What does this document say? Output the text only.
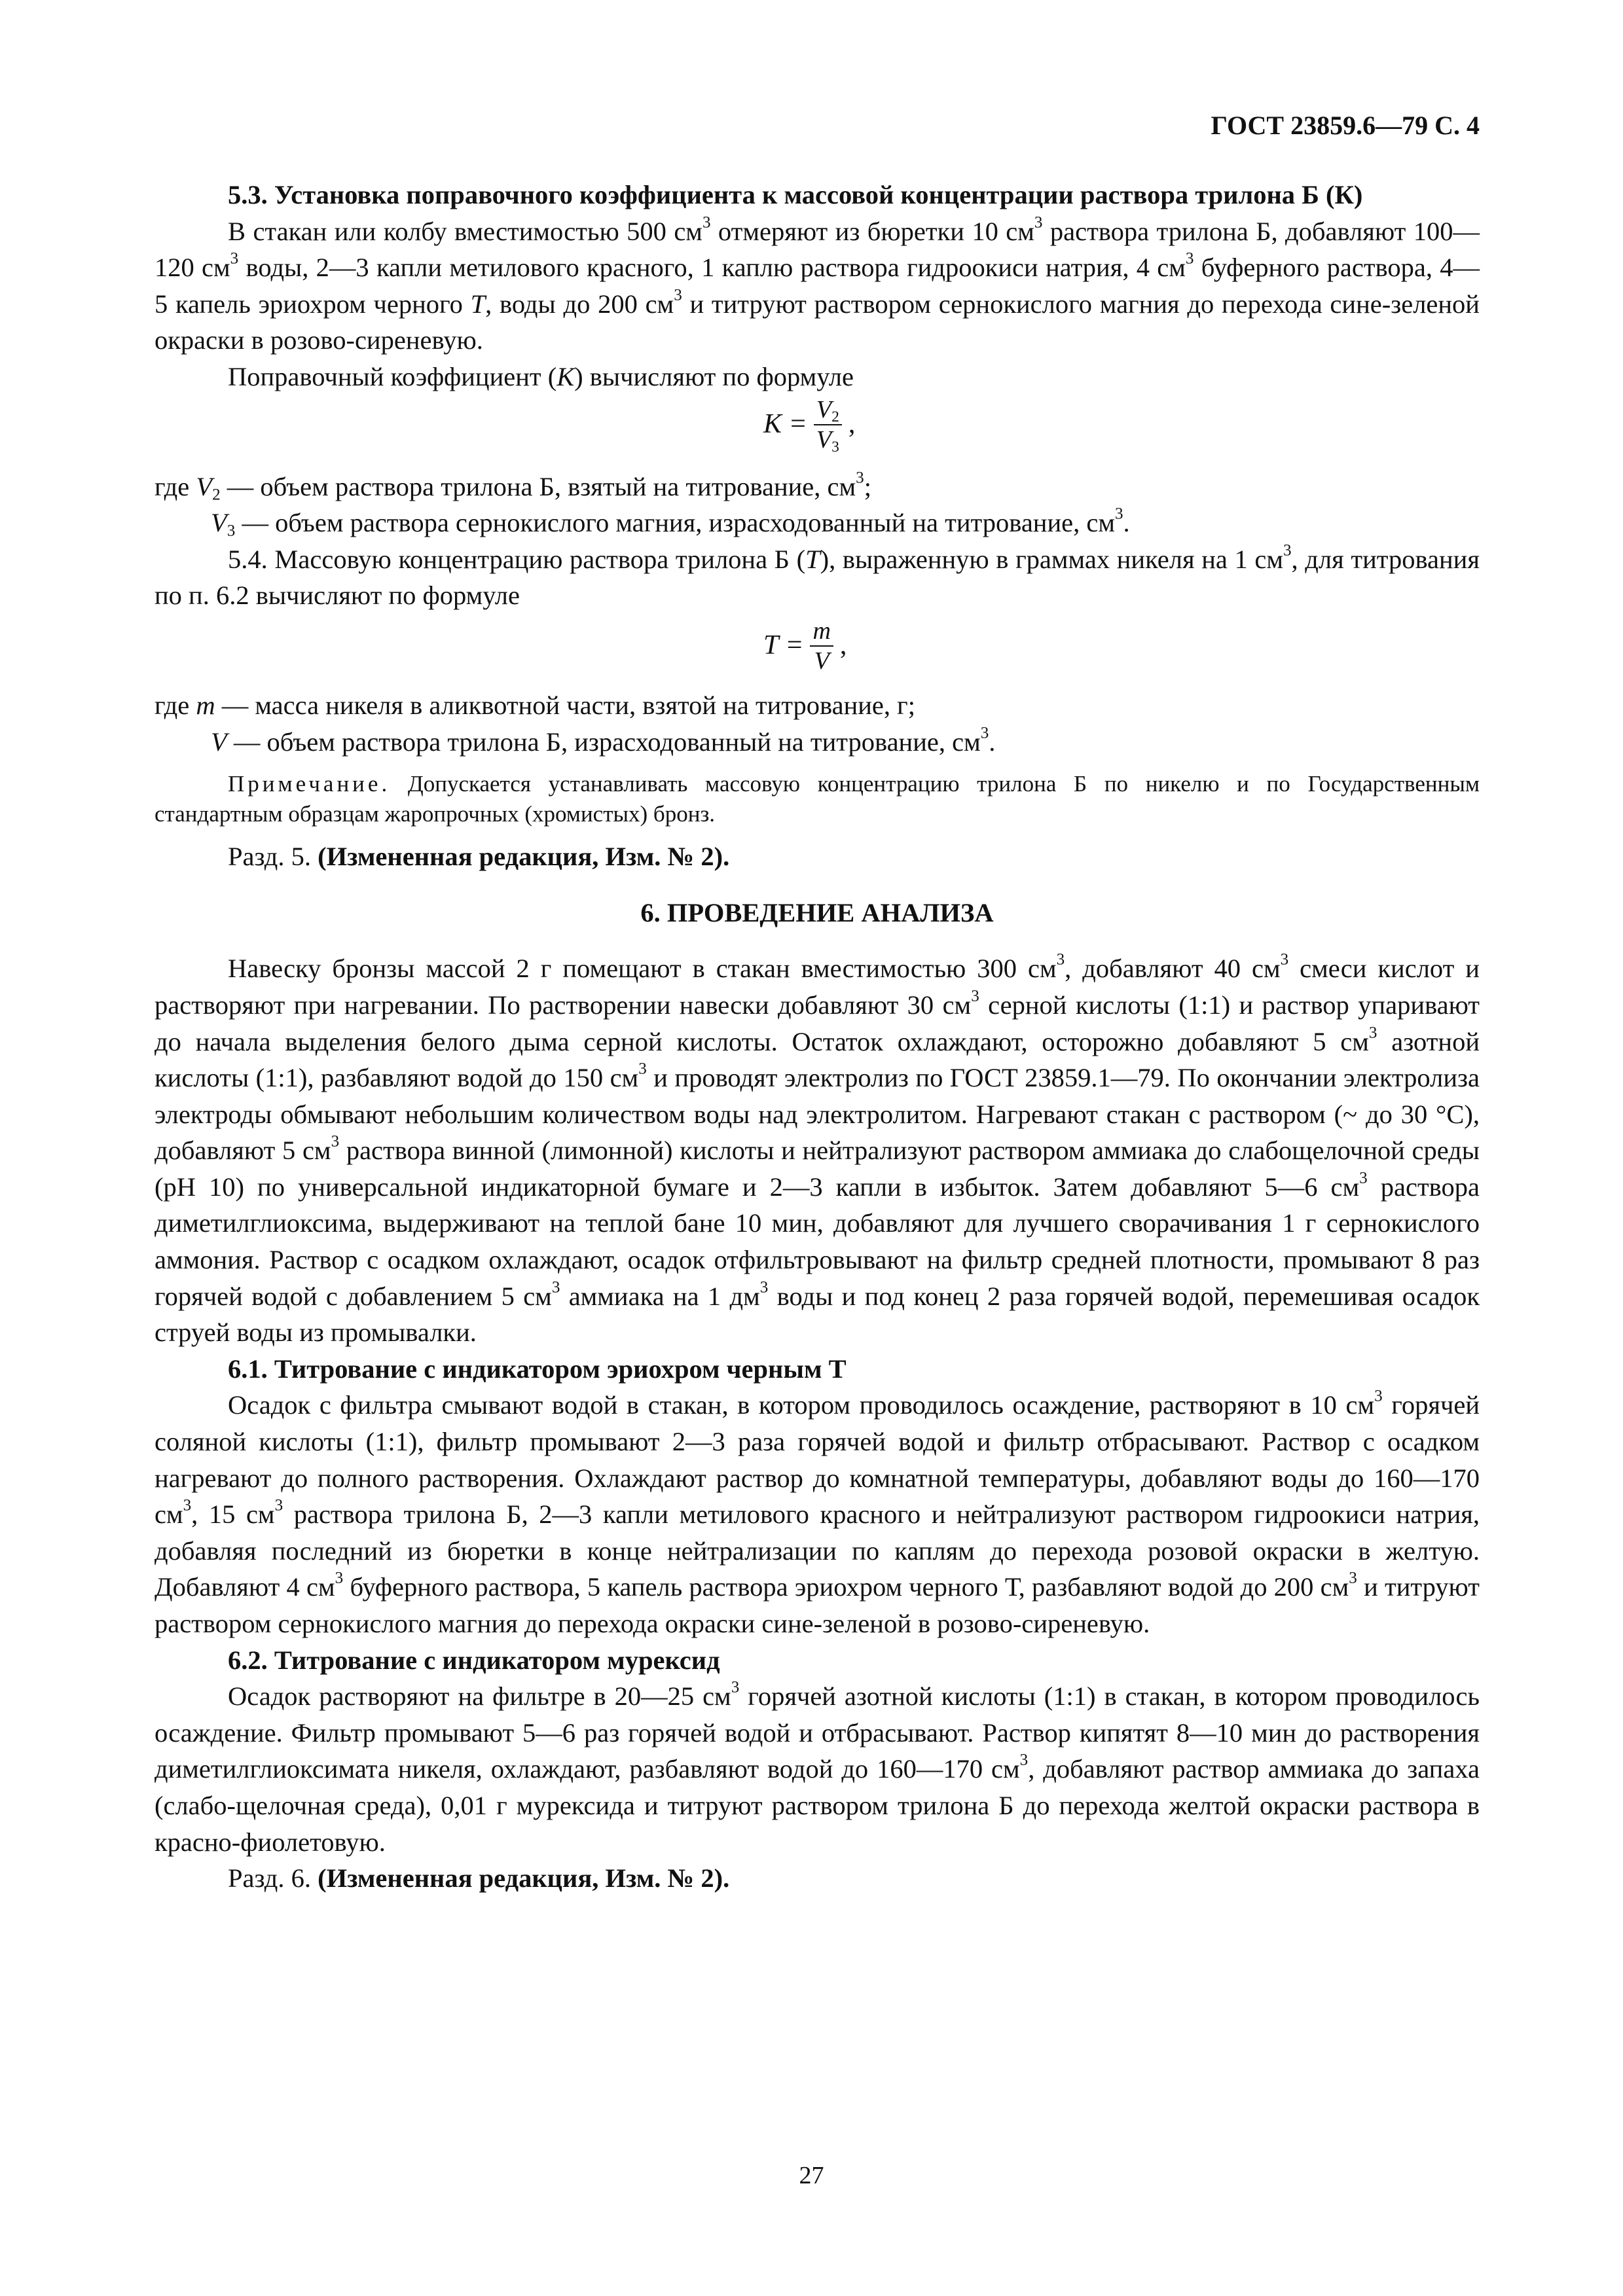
ГОСТ 23859.6—79 С. 4

5.3. Установка поправочного коэффициента к массовой концентрации раствора трилона Б (К)

В стакан или колбу вместимостью 500 $см^3$ отмеряют из бюретки 10 $см^3$ раствора трилона Б, добавляют 100—120 $см^3$ воды, 2—3 капли метилового красного, 1 каплю раствора гидроокиси натрия, 4 $см^3$ буферного раствора, 4—5 капель эриохром черного Т, воды до 200 $см^3$ и титруют раствором сернокислого магния до перехода сине-зеленой окраски в розово-сиреневую.

Поправочный коэффициент (К) вычисляют по формуле

$K = \frac{V_2}{V_3}$ ,

где $V_2$ — объем раствора трилона Б, взятый на титрование, $см^3$;

$V_3$ — объем раствора сернокислого магния, израсходованный на титрование, $см^3$.

5.4. Массовую концентрацию раствора трилона Б (Т), выраженную в граммах никеля на 1 $см^3$, для титрования по п. 6.2 вычисляют по формуле

$T = \frac{m}{V}$ ,

где m — масса никеля в аликвотной части, взятой на титрование, г;

V — объем раствора трилона Б, израсходованный на титрование, $см^3$.

Примечание. Допускается устанавливать массовую концентрацию трилона Б по никелю и по Государственным стандартным образцам жаропрочных (хромистых) бронз.

Разд. 5. (Измененная редакция, Изм. № 2).

6. ПРОВЕДЕНИЕ АНАЛИЗА

Навеску бронзы массой 2 г помещают в стакан вместимостью 300 $см^3$, добавляют 40 $см^3$ смеси кислот и растворяют при нагревании. По растворении навески добавляют 30 $см^3$ серной кислоты (1:1) и раствор упаривают до начала выделения белого дыма серной кислоты. Остаток охлаждают, осторожно добавляют 5 $см^3$ азотной кислоты (1:1), разбавляют водой до 150 $см^3$ и проводят электролиз по ГОСТ 23859.1—79. По окончании электролиза электроды обмывают небольшим количеством воды над электролитом. Нагревают стакан с раствором (~ до 30 °С), добавляют 5 $см^3$ раствора винной (лимонной) кислоты и нейтрализуют раствором аммиака до слабощелочной среды (рН 10) по универсальной индикаторной бумаге и 2—3 капли в избыток. Затем добавляют 5—6 $см^3$ раствора диметилглиоксима, выдерживают на теплой бане 10 мин, добавляют для лучшего сворачивания 1 г сернокислого аммония. Раствор с осадком охлаждают, осадок отфильтровывают на фильтр средней плотности, промывают 8 раз горячей водой с добавлением 5 $см^3$ аммиака на 1 $дм^3$ воды и под конец 2 раза горячей водой, перемешивая осадок струей воды из промывалки.

6.1. Титрование с индикатором эриохром черным Т

Осадок с фильтра смывают водой в стакан, в котором проводилось осаждение, растворяют в 10 $см^3$ горячей соляной кислоты (1:1), фильтр промывают 2—3 раза горячей водой и фильтр отбрасывают. Раствор с осадком нагревают до полного растворения. Охлаждают раствор до комнатной температуры, добавляют воды до 160—170 $см^3$, 15 $см^3$ раствора трилона Б, 2—3 капли метилового красного и нейтрализуют раствором гидроокиси натрия, добавляя последний из бюретки в конце нейтрализации по каплям до перехода розовой окраски в желтую. Добавляют 4 $см^3$ буферного раствора, 5 капель раствора эриохром черного Т, разбавляют водой до 200 $см^3$ и титруют раствором сернокислого магния до перехода окраски сине-зеленой в розово-сиреневую.

6.2. Титрование с индикатором мурексид

Осадок растворяют на фильтре в 20—25 $см^3$ горячей азотной кислоты (1:1) в стакан, в котором проводилось осаждение. Фильтр промывают 5—6 раз горячей водой и отбрасывают. Раствор кипятят 8—10 мин до растворения диметилглиоксимата никеля, охлаждают, разбавляют водой до 160—170 $см^3$, добавляют раствор аммиака до запаха (слабо-щелочная среда), 0,01 г мурексида и титруют раствором трилона Б до перехода желтой окраски раствора в красно-фиолетовую.

Разд. 6. (Измененная редакция, Изм. № 2).

27
